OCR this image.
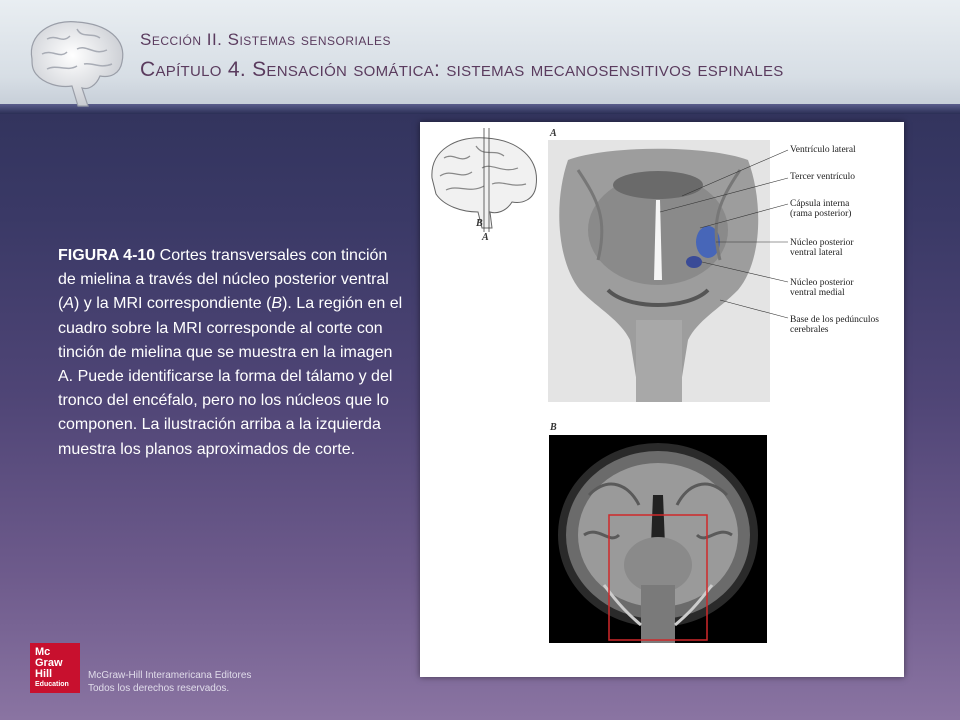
Sección II. Sistemas sensoriales
Capítulo 4. Sensación somática: sistemas mecanosensitivos espinales
FIGURA 4-10 Cortes transversales con tinción de mielina a través del núcleo posterior ventral (A) y la MRI correspondiente (B). La región en el cuadro sobre la MRI corresponde al corte con tinción de mielina que se muestra en la imagen A. Puede identificarse la forma del tálamo y del tronco del encéfalo, pero no los núcleos que lo componen. La ilustración arriba a la izquierda muestra los planos aproximados de corte.
B
A
A
Ventrículo lateral
Tercer ventrículo
Cápsula interna
(rama posterior)
Núcleo posterior
ventral lateral
Núcleo posterior
ventral medial
Base de los pedúnculos
cerebrales
B
Mc
Graw
Hill
Education
McGraw-Hill Interamericana Editores
Todos los derechos reservados.
